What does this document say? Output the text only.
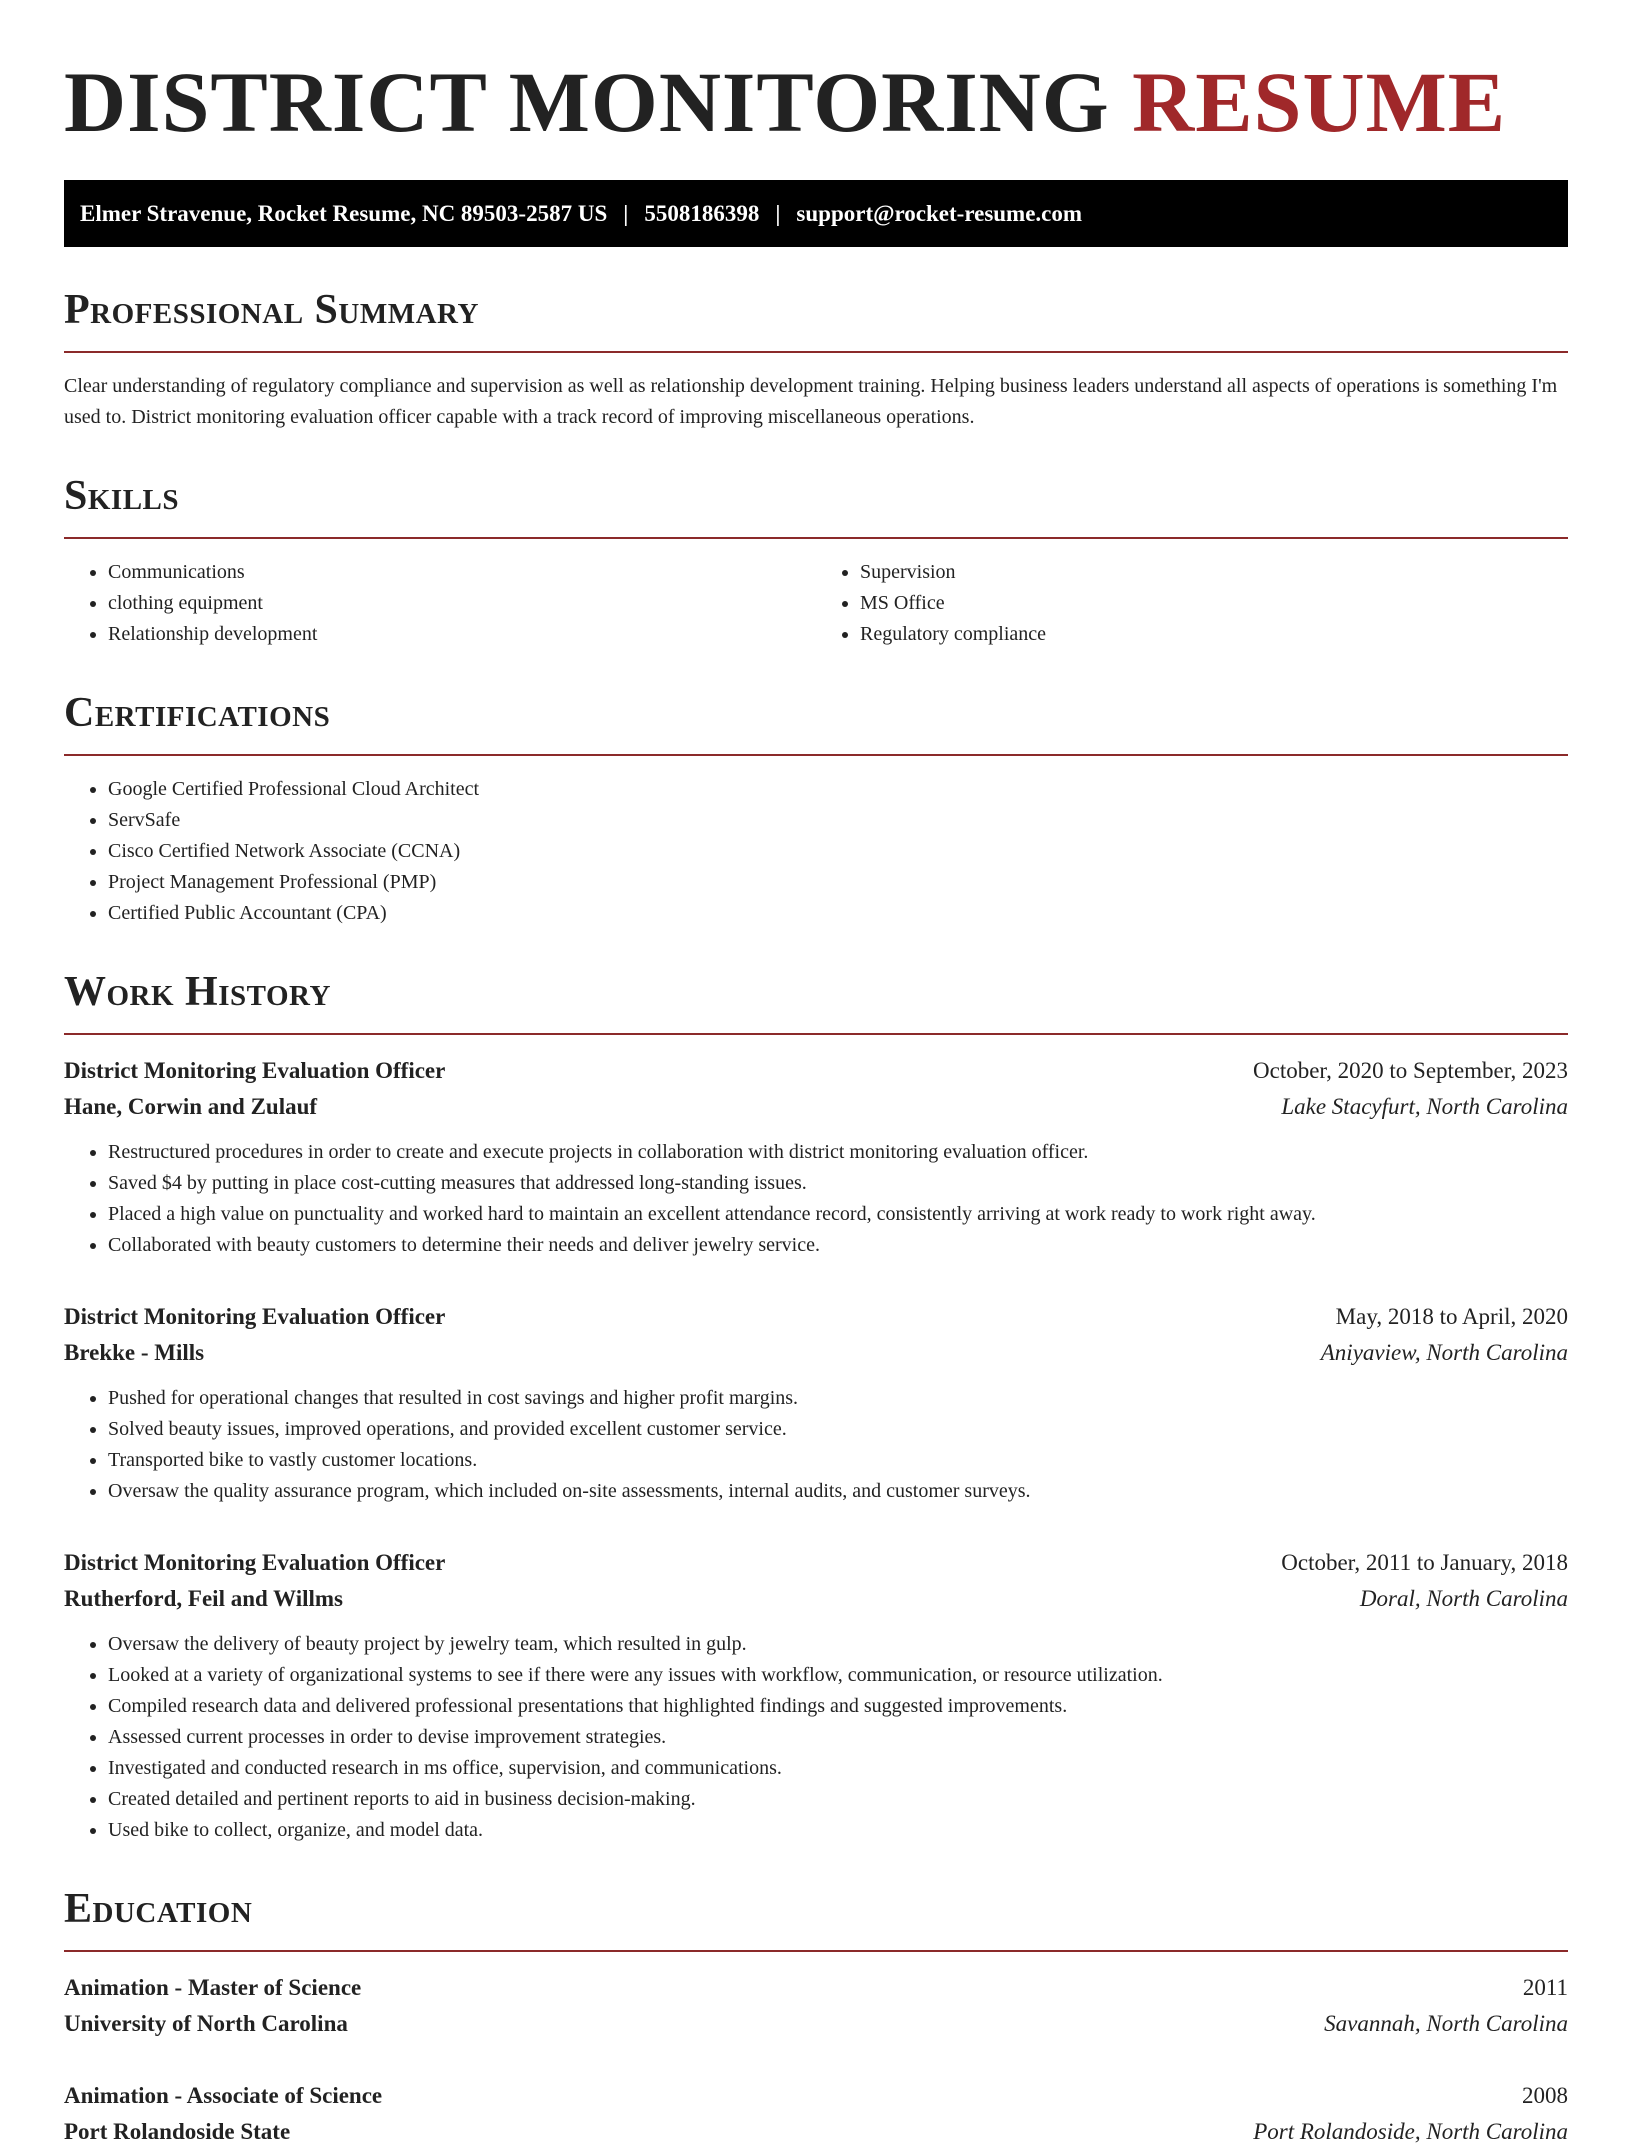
DISTRICT MONITORING RESUME
Elmer Stravenue, Rocket Resume, NC 89503-2587 US | 5508186398 | support@rocket-resume.com
Professional Summary

Clear understanding of regulatory compliance and supervision as well as relationship development training. Helping business leaders understand all aspects of operations is something I'm used to. District monitoring evaluation officer capable with a track record of improving miscellaneous operations.

Skills
• Communications
• clothing equipment
• Relationship development
• Supervision
• MS Office
• Regulatory compliance
Certifications
• Google Certified Professional Cloud Architect
• ServSafe
• Cisco Certified Network Associate (CCNA)
• Project Management Professional (PMP)
• Certified Public Accountant (CPA)
Work History
District Monitoring Evaluation Officer	October, 2020 to September, 2023
Hane, Corwin and Zulauf	Lake Stacyfurt, North Carolina
• Restructured procedures in order to create and execute projects in collaboration with district monitoring evaluation officer.
• Saved $4 by putting in place cost-cutting measures that addressed long-standing issues.
• Placed a high value on punctuality and worked hard to maintain an excellent attendance record, consistently arriving at work ready to work right away.
• Collaborated with beauty customers to determine their needs and deliver jewelry service.
District Monitoring Evaluation Officer	May, 2018 to April, 2020
Brekke - Mills	Aniyaview, North Carolina
• Pushed for operational changes that resulted in cost savings and higher profit margins.
• Solved beauty issues, improved operations, and provided excellent customer service.
• Transported bike to vastly customer locations.
• Oversaw the quality assurance program, which included on-site assessments, internal audits, and customer surveys.
District Monitoring Evaluation Officer	October, 2011 to January, 2018
Rutherford, Feil and Willms	Doral, North Carolina
• Oversaw the delivery of beauty project by jewelry team, which resulted in gulp.
• Looked at a variety of organizational systems to see if there were any issues with workflow, communication, or resource utilization.
• Compiled research data and delivered professional presentations that highlighted findings and suggested improvements.
• Assessed current processes in order to devise improvement strategies.
• Investigated and conducted research in ms office, supervision, and communications.
• Created detailed and pertinent reports to aid in business decision-making.
• Used bike to collect, organize, and model data.
Education
Animation - Master of Science	2011
University of North Carolina	Savannah, North Carolina
Animation - Associate of Science	2008
Port Rolandoside State	Port Rolandoside, North Carolina
